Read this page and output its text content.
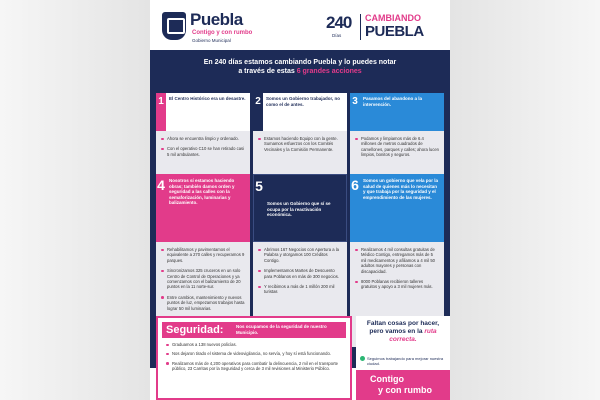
Puebla
Contigo y con rumbo
Gobierno Municipal
240
Días
CAMBIANDO
PUEBLA
En 240 días estamos cambiando Puebla y lo puedes notar
a través de estas 6 grandes acciones
1	El Centro Histórico era un desastre.
Ahora se encuentra limpio y ordenado.
Con el operativo C10 se han retirado casi 5 mil ambulantes.
2	Somos un Gobierno trabajador, no como el de antes.
Estamos haciendo Equipo con la gente. Sumamos esfuerzos con los Comités Vecinales y la Comisión Permanente.
3	Pasamos del abandono a la intervención.
Podamos y limpiamos más de 6.4 millones de metros cuadrados de camellones, parques y calles; ahora lucen limpios, bonitos y seguros.
4 Nosotros sí estamos haciendo obras; también damos orden y seguridad a las calles con la semaforización, luminarias y balizamiento.
Rehabilitamos y pavimentamos el equivalente a 270 calles y recuperamos 9 parques.
Sincronizamos 325 cruceros en un solo Centro de Control de Operaciones y ya comenzamos con el balizamiento de 20 puntos en la 11 norte-sur.
Entre cambios, mantenimiento y nuevos puntos de luz, empezamos trabajos hasta lograr 50 mil luminarias.
5
Somos un Gobierno que sí se ocupa por la reactivación económica.
Abrimos 167 Negocios con Apertura a la Palabra y otorgamos 100 Créditos Contigo.
Implementamos Martes de Descuento para Poblanos en más de 300 negocios.
Y recibimos a más de 1 millón 200 mil turistas
6 Somos un gobierno que vela por la salud de quienes más lo necesitan y que trabaja por la seguridad y el emprendimiento de las mujeres.
Realizamos 4 mil consultas gratuitas de Médico Contigo, entregamos más de 5 mil medicamentos y afiliamos a 4 mil 50 adultos mayores y personas con discapacidad.
8000 Poblanas recibieron talleres gratuitos y apoyo a 3 mil mujeres más.
Seguridad:	Nos ocupamos de la seguridad de nuestro Municipio.
Graduamos a 138 nuevos policías.
Nos dejaron tirado el sistema de videovigilancia, no servía, y hoy sí está funcionando.
Realizamos más de 4,200 operativos para combatir la delincuencia, 2 mil en el transporte público, 23 Carritas por la Seguridad y cerca de 3 mil revisiones al Ministerio Público.
Faltan cosas por hacer,
pero vamos en la ruta
correcta.
Seguimos trabajando para mejorar nuestra ciudad.
Contigo
y con rumbo
